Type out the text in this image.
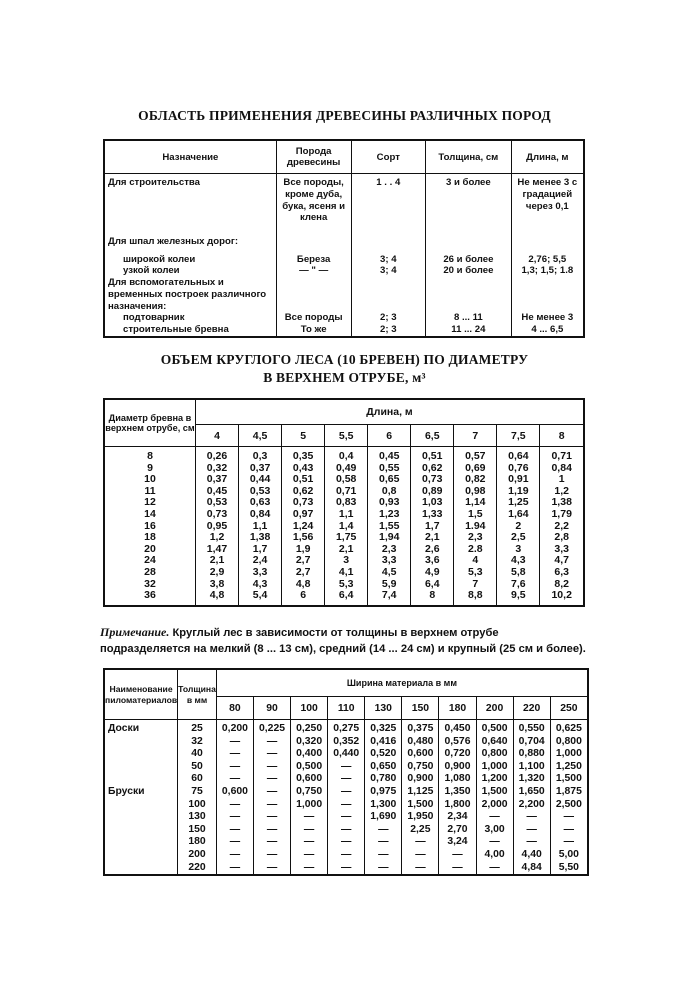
ОБЛАСТЬ ПРИМЕНЕНИЯ ДРЕВЕСИНЫ РАЗЛИЧНЫХ ПОРОД
Назначение	Порода древесины	Сорт	Толщина, см	Длина, м
Для строительства	Все породы, кроме дуба, бука, ясеня и клена	1 . . 4	3 и более	Не менее 3 с градацией через 0,1
Для шпал железных дорог:				
широкой колеи	Береза	3; 4	26 и более	2,76; 5,5
узкой колеи	— " —	3; 4	20 и более	1,3; 1,5; 1.8
Для вспомогательных и временных построек различного назначения:				
подтоварник	Все породы	2; 3	8 ... 11	Не менее 3
строительные бревна	То же	2; 3	11 ... 24	4 ... 6,5
ОБЪЕМ КРУГЛОГО ЛЕСА (10 БРЕВЕН) ПО ДИАМЕТРУ
В ВЕРХНЕМ ОТРУБЕ, м³
Диаметр бревна в верхнем отрубе, см	Длина, м								
	4	4,5	5	5,5	6	6,5	7	7,5	8
8	0,26	0,3	0,35	0,4	0,45	0,51	0,57	0,64	0,71
9	0,32	0,37	0,43	0,49	0,55	0,62	0,69	0,76	0,84
10	0,37	0,44	0,51	0,58	0,65	0,73	0,82	0,91	1
11	0,45	0,53	0,62	0,71	0,8	0,89	0,98	1,19	1,2
12	0,53	0,63	0,73	0,83	0,93	1,03	1,14	1,25	1,38
14	0,73	0,84	0,97	1,1	1,23	1,33	1,5	1,64	1,79
16	0,95	1,1	1,24	1,4	1,55	1,7	1.94	2	2,2
18	1,2	1,38	1,56	1,75	1,94	2,1	2,3	2,5	2,8
20	1,47	1,7	1,9	2,1	2,3	2,6	2.8	3	3,3
24	2,1	2,4	2,7	3	3,3	3,6	4	4,3	4,7
28	2,9	3,3	2,7	4,1	4,5	4,9	5,3	5,8	6,3
32	3,8	4,3	4,8	5,3	5,9	6,4	7	7,6	8,2
36	4,8	5,4	6	6,4	7,4	8	8,8	9,5	10,2
Примечание. Круглый лес в зависимости от толщины в верхнем отрубе подразделяется на мелкий (8 ... 13 см), средний (14 ... 24 см) и крупный (25 см и более).
Наименование пиломатериалов	Толщина в мм	Ширина материала в мм									
		80	90	100	110	130	150	180	200	220	250
Доски	25	0,200	0,225	0,250	0,275	0,325	0,375	0,450	0,500	0,550	0,625
	32	—	—	0,320	0,352	0,416	0,480	0,576	0,640	0,704	0,800
	40	—	—	0,400	0,440	0,520	0,600	0,720	0,800	0,880	1,000
	50	—	—	0,500	—	0,650	0,750	0,900	1,000	1,100	1,250
	60	—	—	0,600	—	0,780	0,900	1,080	1,200	1,320	1,500
Бруски	75	0,600	—	0,750	—	0,975	1,125	1,350	1,500	1,650	1,875
	100	—	—	1,000	—	1,300	1,500	1,800	2,000	2,200	2,500
	130	—	—	—	—	1,690	1,950	2,34	—	—	—
	150	—	—	—	—	—	2,25	2,70	3,00	—	—
	180	—	—	—	—	—	—	3,24	—	—	—
	200	—	—	—	—	—	—	—	4,00	4,40	5,00
	220	—	—	—	—	—	—	—	—	4,84	5,50
